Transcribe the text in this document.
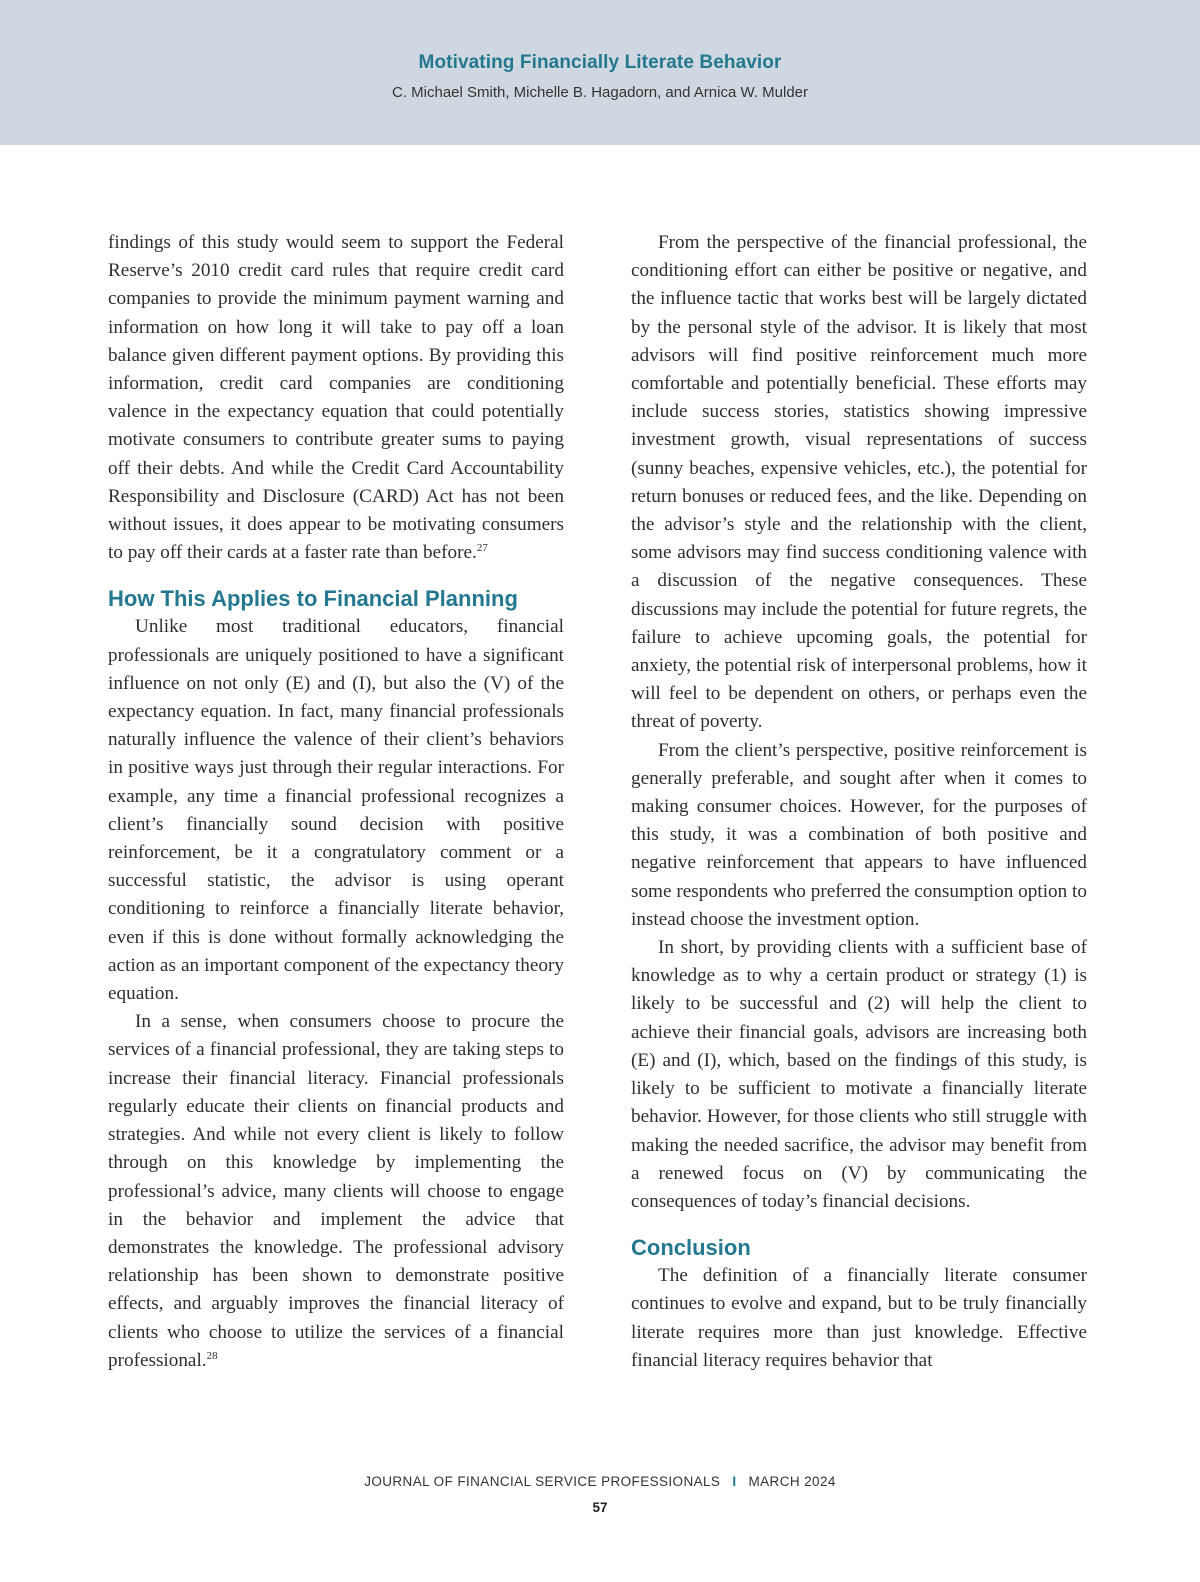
Motivating Financially Literate Behavior
C. Michael Smith, Michelle B. Hagadorn, and Arnica W. Mulder

findings of this study would seem to support the Federal Reserve’s 2010 credit card rules that require credit card companies to provide the minimum payment warning and information on how long it will take to pay off a loan balance given different payment options. By providing this information, credit card companies are conditioning valence in the expectancy equation that could potentially motivate consumers to contribute greater sums to paying off their debts. And while the Credit Card Accountability Responsibility and Disclosure (CARD) Act has not been without issues, it does appear to be motivating consumers to pay off their cards at a faster rate than before.$^{27}$

How This Applies to Financial Planning

Unlike most traditional educators, financial professionals are uniquely positioned to have a significant influence on not only (E) and (I), but also the (V) of the expectancy equation. In fact, many financial professionals naturally influence the valence of their client’s behaviors in positive ways just through their regular interactions. For example, any time a financial professional recognizes a client’s financially sound decision with positive reinforcement, be it a congratulatory comment or a successful statistic, the advisor is using operant conditioning to reinforce a financially literate behavior, even if this is done without formally acknowledging the action as an important component of the expectancy theory equation.

In a sense, when consumers choose to procure the services of a financial professional, they are taking steps to increase their financial literacy. Financial professionals regularly educate their clients on financial products and strategies. And while not every client is likely to follow through on this knowledge by implementing the professional’s advice, many clients will choose to engage in the behavior and implement the advice that demonstrates the knowledge. The professional advisory relationship has been shown to demonstrate positive effects, and arguably improves the financial literacy of clients who choose to utilize the services of a financial professional.$^{28}$

From the perspective of the financial professional, the conditioning effort can either be positive or negative, and the influence tactic that works best will be largely dictated by the personal style of the advisor. It is likely that most advisors will find positive reinforcement much more comfortable and potentially beneficial. These efforts may include success stories, statistics showing impressive investment growth, visual representations of success (sunny beaches, expensive vehicles, etc.), the potential for return bonuses or reduced fees, and the like. Depending on the advisor’s style and the relationship with the client, some advisors may find success conditioning valence with a discussion of the negative consequences. These discussions may include the potential for future regrets, the failure to achieve upcoming goals, the potential for anxiety, the potential risk of interpersonal problems, how it will feel to be dependent on others, or perhaps even the threat of poverty.

From the client’s perspective, positive reinforcement is generally preferable, and sought after when it comes to making consumer choices. However, for the purposes of this study, it was a combination of both positive and negative reinforcement that appears to have influenced some respondents who preferred the consumption option to instead choose the investment option.

In short, by providing clients with a sufficient base of knowledge as to why a certain product or strategy (1) is likely to be successful and (2) will help the client to achieve their financial goals, advisors are increasing both (E) and (I), which, based on the findings of this study, is likely to be sufficient to motivate a financially literate behavior. However, for those clients who still struggle with making the needed sacrifice, the advisor may benefit from a renewed focus on (V) by communicating the consequences of today’s financial decisions.

Conclusion

The definition of a financially literate consumer continues to evolve and expand, but to be truly financially literate requires more than just knowledge. Effective financial literacy requires behavior that

JOURNAL OF FINANCIAL SERVICE PROFESSIONALS I MARCH 2024
57
